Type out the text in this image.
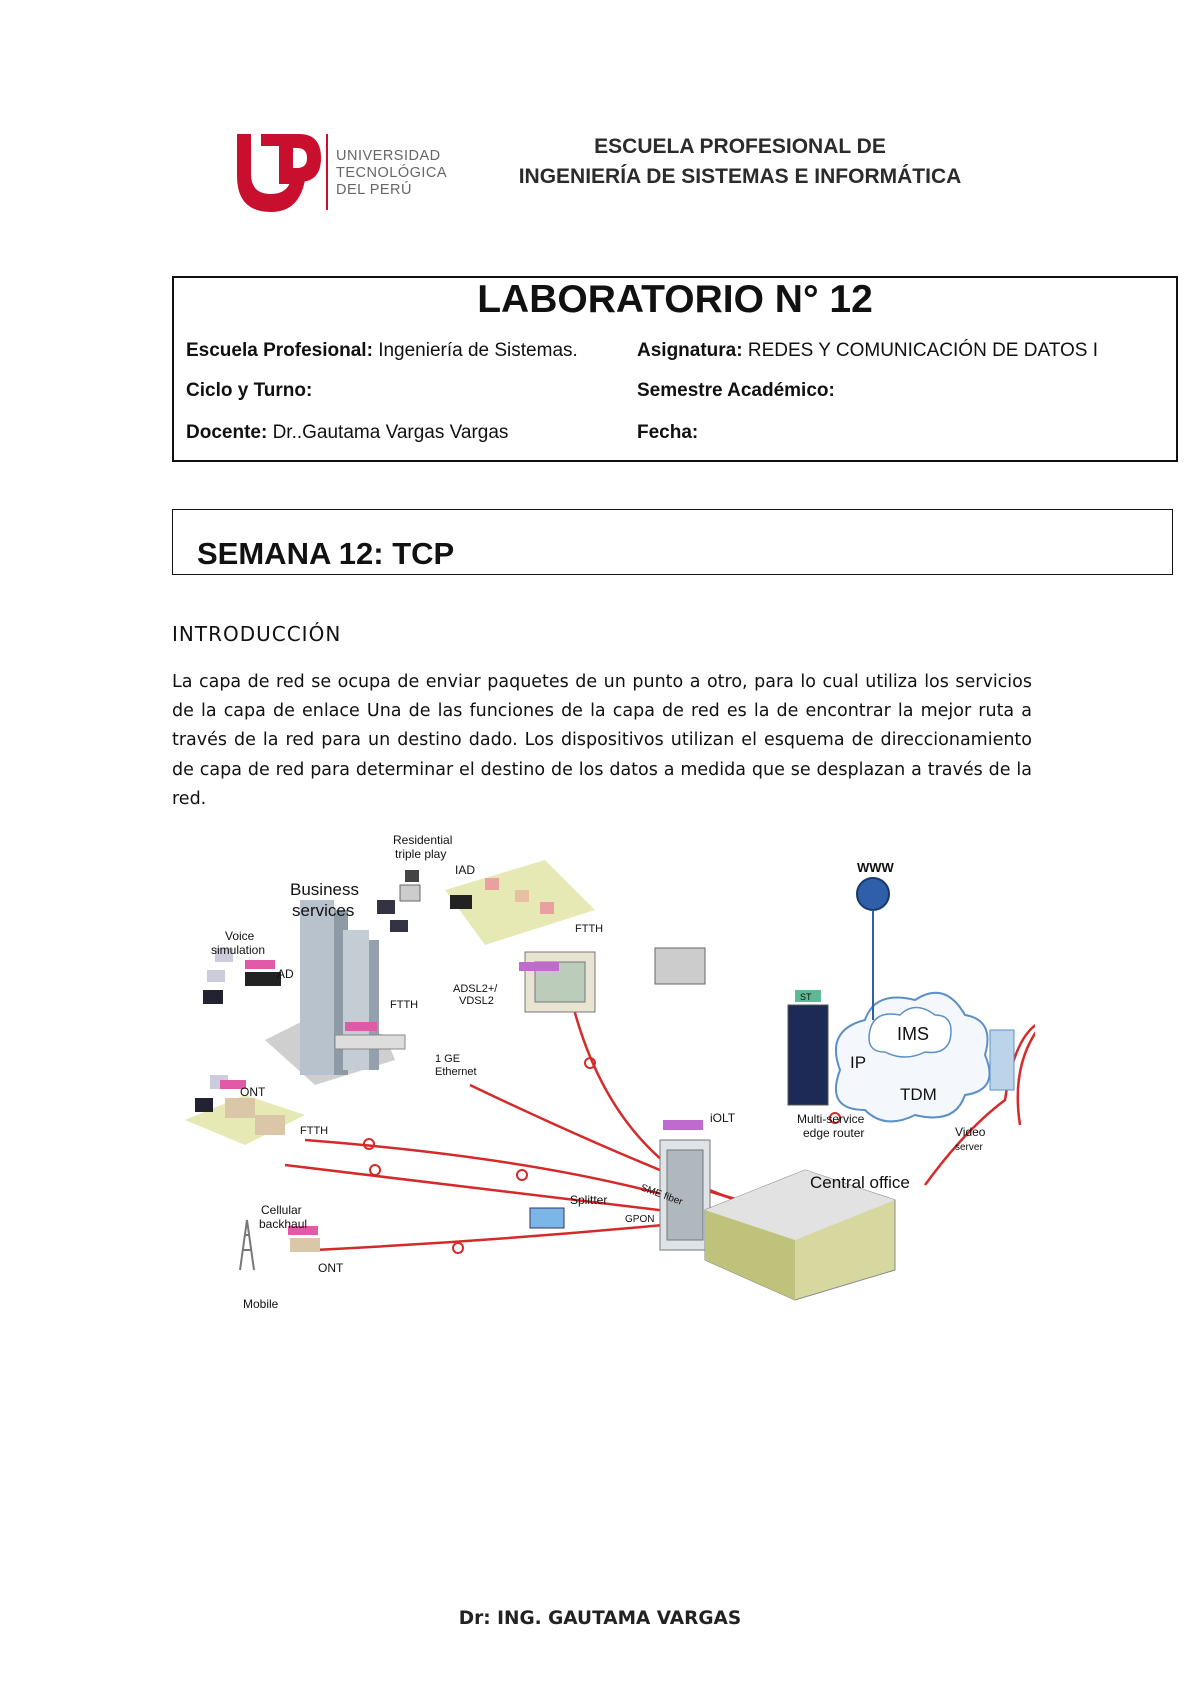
UNIVERSIDAD
TECNOLÓGICA
DEL PERÚ
ESCUELA PROFESIONAL DE
INGENIERÍA DE SISTEMAS E INFORMÁTICA
LABORATORIO N° 12
Escuela Profesional: Ingeniería de Sistemas.	Asignatura: REDES Y COMUNICACIÓN DE DATOS I
Ciclo y Turno:	Semestre Académico:
Docente: Dr..Gautama Vargas Vargas	Fecha:
SEMANA 12: TCP
INTRODUCCIÓN
La capa de red se ocupa de enviar paquetes de un punto a otro, para lo cual utiliza los servicios de la capa de enlace Una de las funciones de la capa de red es la de encontrar la mejor ruta a través de la red para un destino dado. Los dispositivos utilizan el esquema de direccionamiento de capa de red para determinar el destino de los datos a medida que se desplazan a través de la red.
Residential
triple play
IAD
Business
services
Voice
simulation
AD
FTTH
ADSL2+/
VDSL2
FTTH
1 GE
Ethernet
ONT
FTTH
Cellular
backhaul
ONT
Mobile
Splitter
GPON
SME fiber
iOLT
WWW
ST
IMS
IP
TDM
Multi-service
edge router	Video
server
Central office
Dr: ING. GAUTAMA VARGAS
